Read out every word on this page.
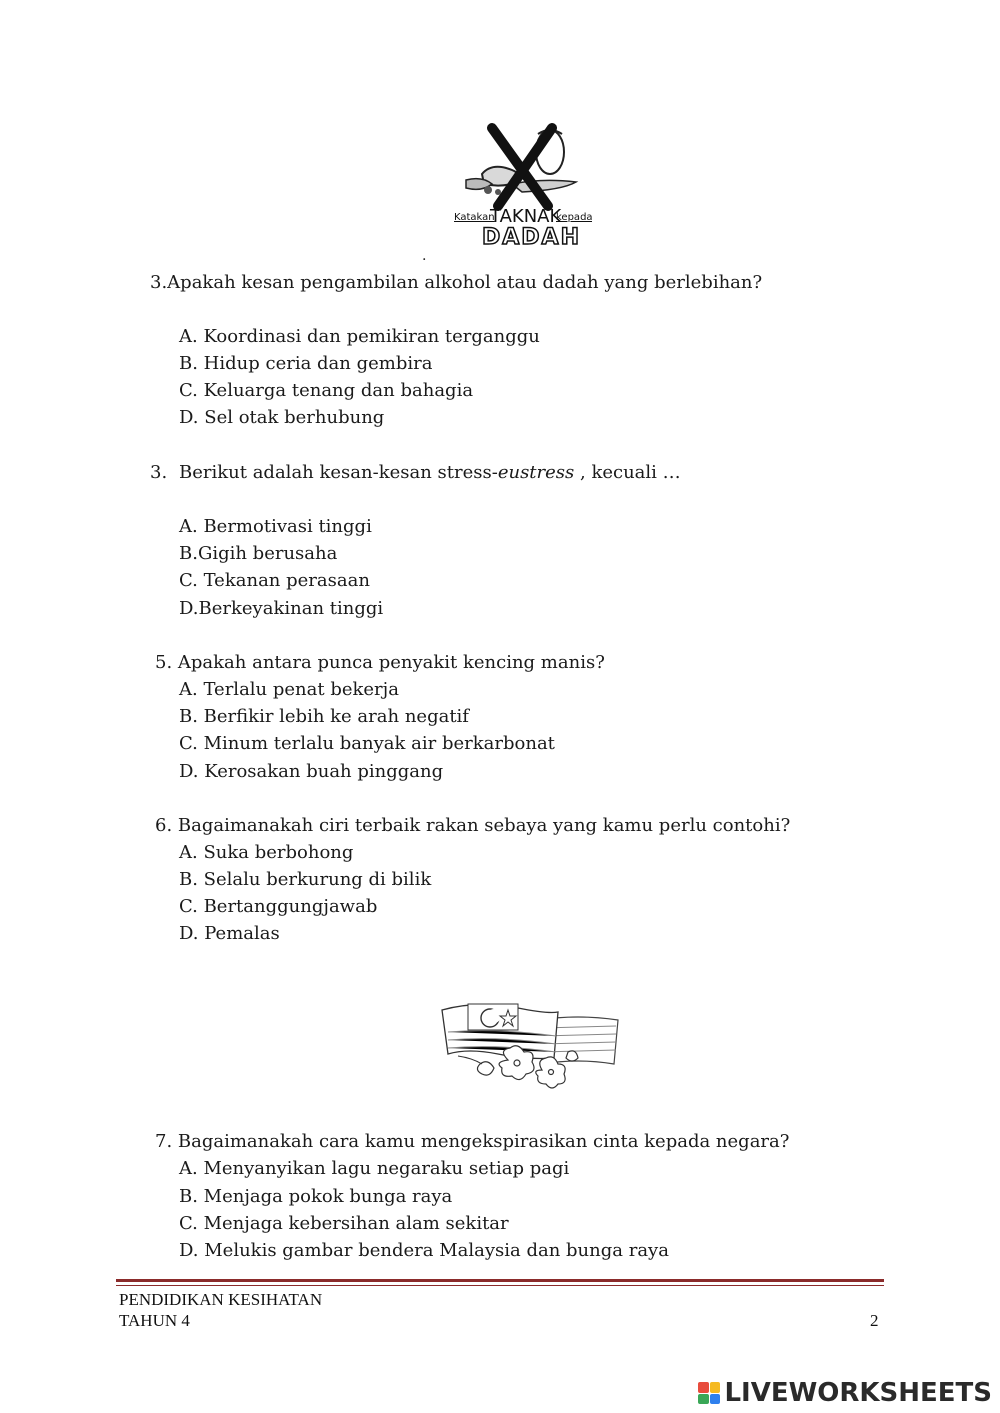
Katakan
TAKNAK
kepada
DADAH
.
3.Apakah kesan pengambilan alkohol atau dadah yang berlebihan?
A. Koordinasi dan pemikiran terganggu
B. Hidup ceria dan gembira
C. Keluarga tenang dan bahagia
D. Sel otak berhubung
3. Berikut adalah kesan-kesan stress-eustress , kecuali …
A. Bermotivasi tinggi
B.Gigih berusaha
C. Tekanan perasaan
D.Berkeyakinan tinggi
5. Apakah antara punca penyakit kencing manis?
A. Terlalu penat bekerja
B. Berfikir lebih ke arah negatif
C. Minum terlalu banyak air berkarbonat
D. Kerosakan buah pinggang
6. Bagaimanakah ciri terbaik rakan sebaya yang kamu perlu contohi?
A. Suka berbohong
B. Selalu berkurung di bilik
C. Bertanggungjawab
D. Pemalas
7. Bagaimanakah cara kamu mengekspirasikan cinta kepada negara?
A. Menyanyikan lagu negaraku setiap pagi
B. Menjaga pokok bunga raya
C. Menjaga kebersihan alam sekitar
D. Melukis gambar bendera Malaysia dan bunga raya
PENDIDIKAN KESIHATAN
TAHUN 4	2
LIVEWORKSHEETS
